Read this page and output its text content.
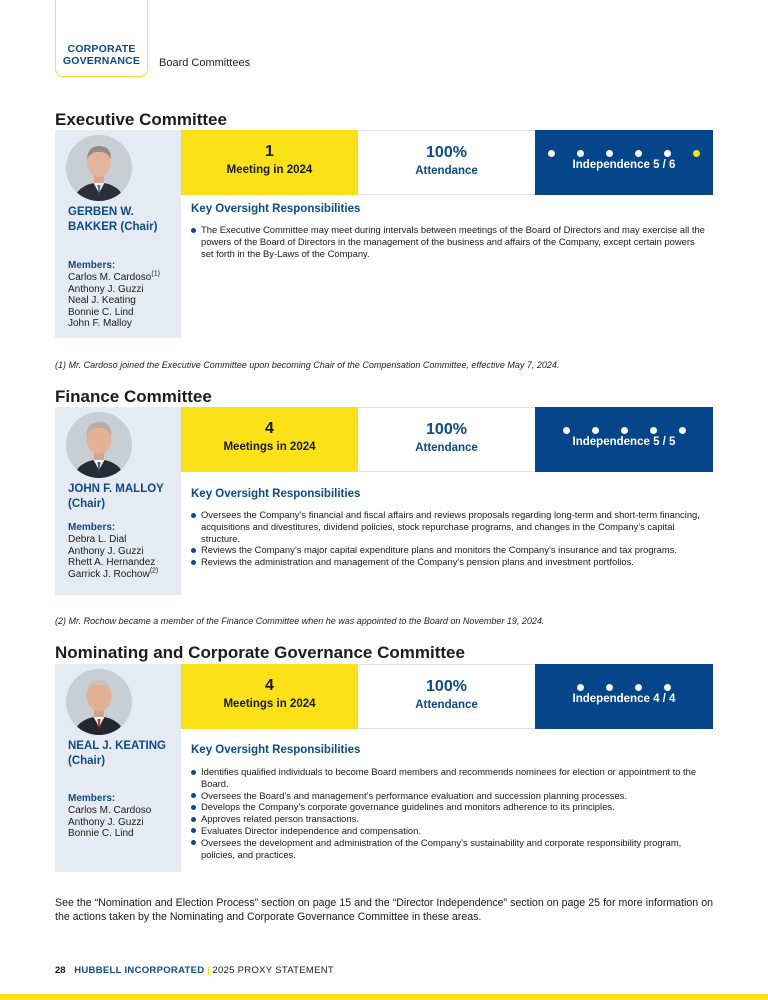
CORPORATE
GOVERNANCE Board Committees
Executive Committee
GERBEN W. BAKKER (Chair)
Members:
Carlos M. Cardoso$^{(1)}$
Anthony J. Guzzi
Neal J. Keating
Bonnie C. Lind
John F. Malloy
1
Meeting in 2024
100%
Attendance	Independence 5 / 6
Key Oversight Responsibilities
The Executive Committee may meet during intervals between meetings of the Board of Directors and may exercise all the powers of the Board of Directors in the management of the business and affairs of the Company, except certain powers set forth in the By-Laws of the Company.
(1) Mr. Cardoso joined the Executive Committee upon becoming Chair of the Compensation Committee, effective May 7, 2024.
Finance Committee
JOHN F. MALLOY (Chair)
Members:
Debra L. Dial
Anthony J. Guzzi
Rhett A. Hernandez
Garrick J. Rochow$^{(2)}$
4
Meetings in 2024
100%
Attendance	Independence 5 / 5
Key Oversight Responsibilities
Oversees the Company’s financial and fiscal affairs and reviews proposals regarding long-term and short-term financing, acquisitions and divestitures, dividend policies, stock repurchase programs, and changes in the Company’s capital structure.
Reviews the Company’s major capital expenditure plans and monitors the Company’s insurance and tax programs.
Reviews the administration and management of the Company’s pension plans and investment portfolios.
(2) Mr. Rochow became a member of the Finance Committee when he was appointed to the Board on November 19, 2024.
Nominating and Corporate Governance Committee
NEAL J. KEATING (Chair)
Members:
Carlos M. Cardoso
Anthony J. Guzzi
Bonnie C. Lind
4
Meetings in 2024
100%
Attendance	Independence 4 / 4
Key Oversight Responsibilities
Identifies qualified individuals to become Board members and recommends nominees for election or appointment to the Board.
Oversees the Board’s and management’s performance evaluation and succession planning processes.
Develops the Company’s corporate governance guidelines and monitors adherence to its principles.
Approves related person transactions.
Evaluates Director independence and compensation.
Oversees the development and administration of the Company’s sustainability and corporate responsibility program, policies, and practices.
See the “Nomination and Election Process” section on page 15 and the “Director Independence” section on page 25 for more information on the actions taken by the Nominating and Corporate Governance Committee in these areas.
28 HUBBELL INCORPORATED | 2025 PROXY STATEMENT
